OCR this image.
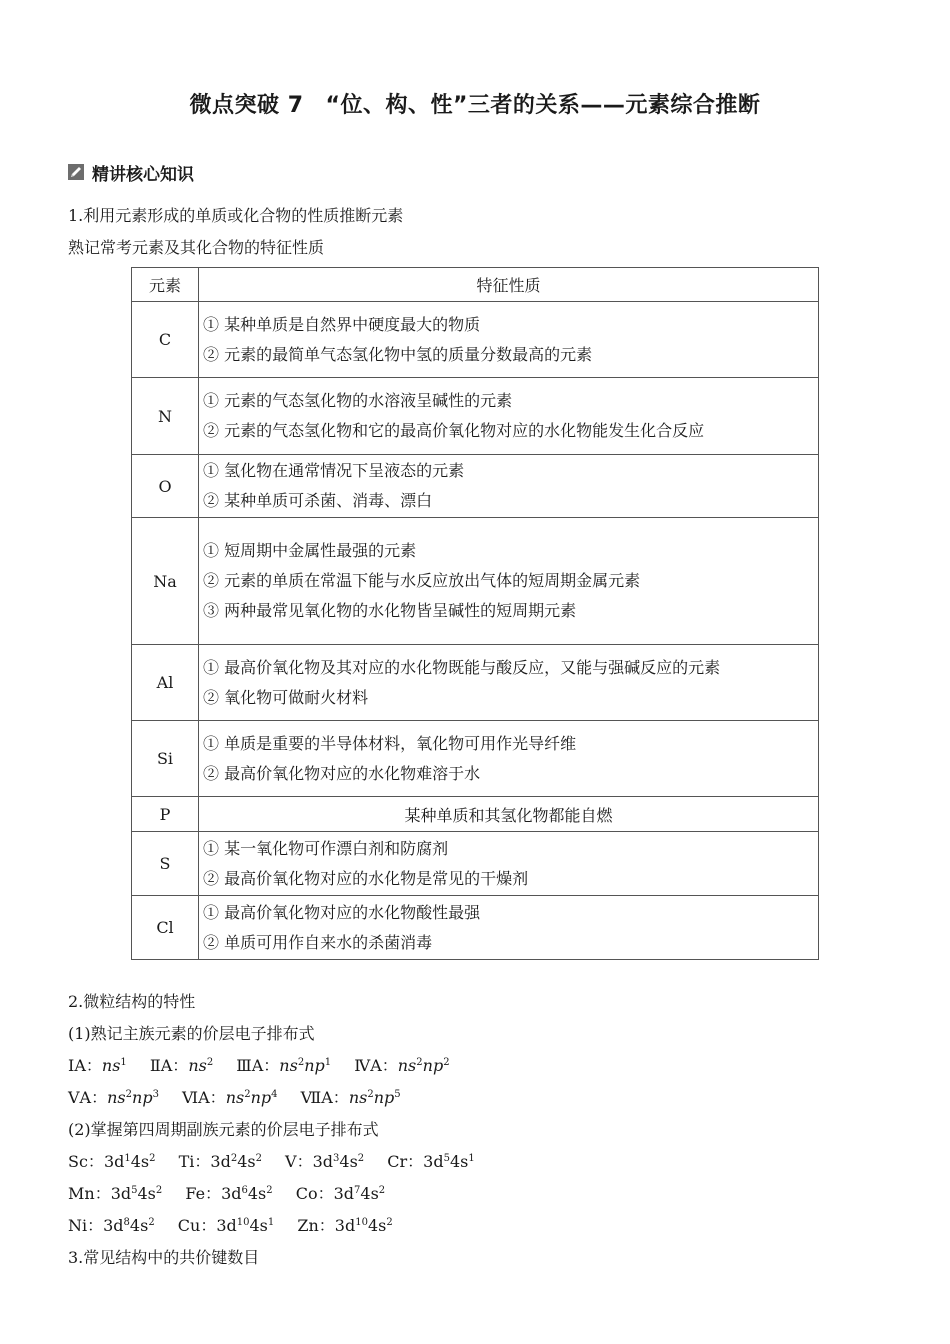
微点突破 7 “位、构、性”三者的关系——元素综合推断
精讲核心知识
1.利用元素形成的单质或化合物的性质推断元素
熟记常考元素及其化合物的特征性质
元素	特征性质
C	① 某种单质是自然界中硬度最大的物质
② 元素的最简单气态氢化物中氢的质量分数最高的元素

N	① 元素的气态氢化物的水溶液呈碱性的元素
② 元素的气态氢化物和它的最高价氧化物对应的水化物能发生化合反应

O	① 氢化物在通常情况下呈液态的元素
② 某种单质可杀菌、消毒、漂白

Na	① 短周期中金属性最强的元素
② 元素的单质在常温下能与水反应放出气体的短周期金属元素
③ 两种最常见氧化物的水化物皆呈碱性的短周期元素

Al	① 最高价氧化物及其对应的水化物既能与酸反应，又能与强碱反应的元素
② 氧化物可做耐火材料

Si	① 单质是重要的半导体材料，氧化物可用作光导纤维
② 最高价氧化物对应的水化物难溶于水

P	某种单质和其氢化物都能自燃
S	① 某一氧化物可作漂白剂和防腐剂
② 最高价氧化物对应的水化物是常见的干燥剂

Cl	① 最高价氧化物对应的水化物酸性最强
② 单质可用作自来水的杀菌消毒
2.微粒结构的特性
(1)熟记主族元素的价层电子排布式
ⅠA：$ns^1$ ⅡA：$ns^2$ ⅢA：$ns^2np^1$ ⅣA：$ns^2np^2$
ⅤA：$ns^2np^3$ ⅥA：$ns^2np^4$ ⅦA：$ns^2np^5$
(2)掌握第四周期副族元素的价层电子排布式
Sc：$3d^14s^2$ Ti：$3d^24s^2$ V：$3d^34s^2$ Cr：$3d^54s^1$
Mn：$3d^54s^2$ Fe：$3d^64s^2$ Co：$3d^74s^2$
Ni：$3d^84s^2$ Cu：$3d^{10}4s^1$ Zn：$3d^{10}4s^2$
3.常见结构中的共价键数目
